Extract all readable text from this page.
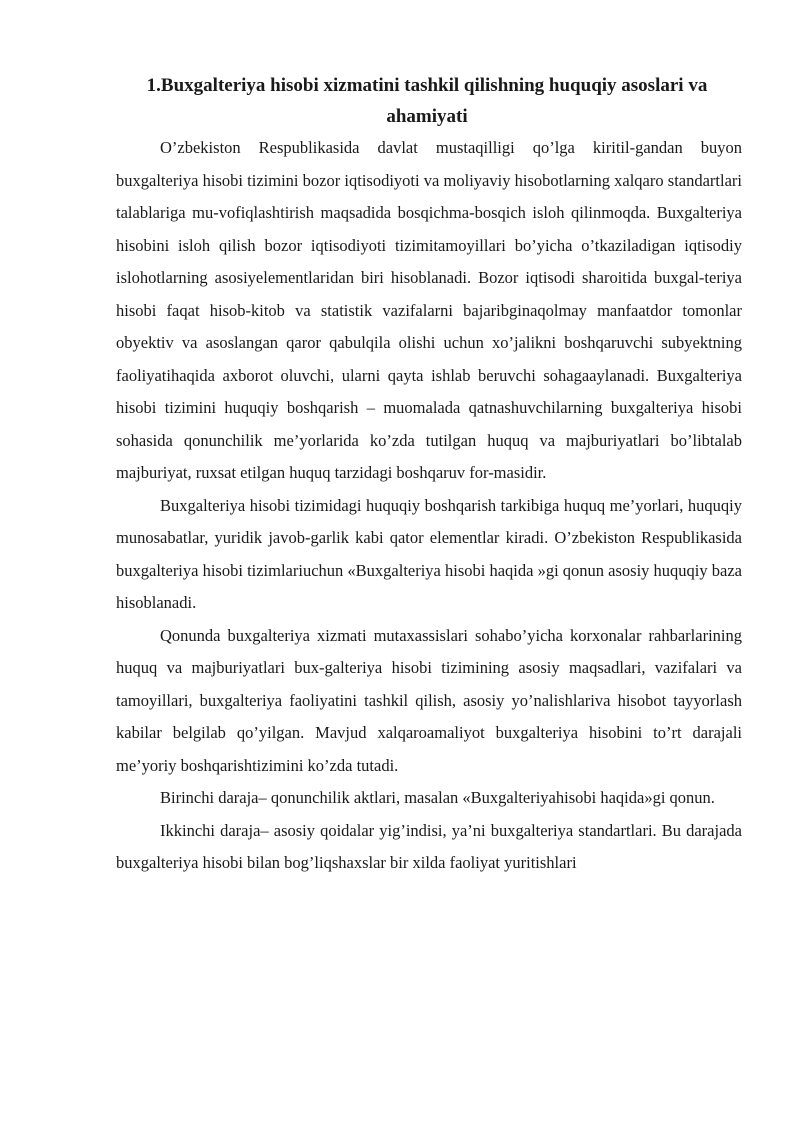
1.Buxgalteriya hisobi xizmatini tashkil qilishning huquqiy asoslari va ahamiyati

O’zbekiston Respublikasida davlat mustaqilligi qo’lga kiritil-gandan buyon buxgalteriya hisobi tizimini bozor iqtisodiyoti va moliyaviy hisobotlarning xalqaro standartlari talablariga mu-vofiqlashtirish maqsadida bosqichma-bosqich isloh qilinmoqda. Buxgalteriya hisobini isloh qilish bozor iqtisodiyoti tizimitamoyillari bo’yicha o’tkaziladigan iqtisodiy islohotlarning asosiyelementlaridan biri hisoblanadi. Bozor iqtisodi sharoitida buxgal-teriya hisobi faqat hisob-kitob va statistik vazifalarni bajaribginaqolmay manfaatdor tomonlar obyektiv va asoslangan qaror qabulqila olishi uchun xo’jalikni boshqaruvchi subyektning faoliyatihaqida axborot oluvchi, ularni qayta ishlab beruvchi sohagaaylanadi. Buxgalteriya hisobi tizimini huquqiy boshqarish – muomalada qatnashuvchilarning buxgalteriya hisobi sohasida qonunchilik me’yorlarida ko’zda tutilgan huquq va majburiyatlari bo’libtalab majburiyat, ruxsat etilgan huquq tarzidagi boshqaruv for-masidir.

Buxgalteriya hisobi tizimidagi huquqiy boshqarish tarkibiga huquq me’yorlari, huquqiy munosabatlar, yuridik javob-garlik kabi qator elementlar kiradi. O’zbekiston Respublikasida buxgalteriya hisobi tizimlariuchun «Buxgalteriya hisobi haqida »gi qonun asosiy huquqiy baza hisoblanadi.

Qonunda buxgalteriya xizmati mutaxassislari sohabo’yicha korxonalar rahbarlarining huquq va majburiyatlari bux-galteriya hisobi tizimining asosiy maqsadlari, vazifalari va tamoyillari, buxgalteriya faoliyatini tashkil qilish, asosiy yo’nalishlariva hisobot tayyorlash kabilar belgilab qo’yilgan. Mavjud xalqaroamaliyot buxgalteriya hisobini to’rt darajali me’yoriy boshqarishtizimini ko’zda tutadi.

Birinchi daraja– qonunchilik aktlari, masalan «Buxgalteriyahisobi haqida»gi qonun.

Ikkinchi daraja– asosiy qoidalar yig’indisi, ya’ni buxgalteriya standartlari. Bu darajada buxgalteriya hisobi bilan bog’liqshaxslar bir xilda faoliyat yuritishlari
